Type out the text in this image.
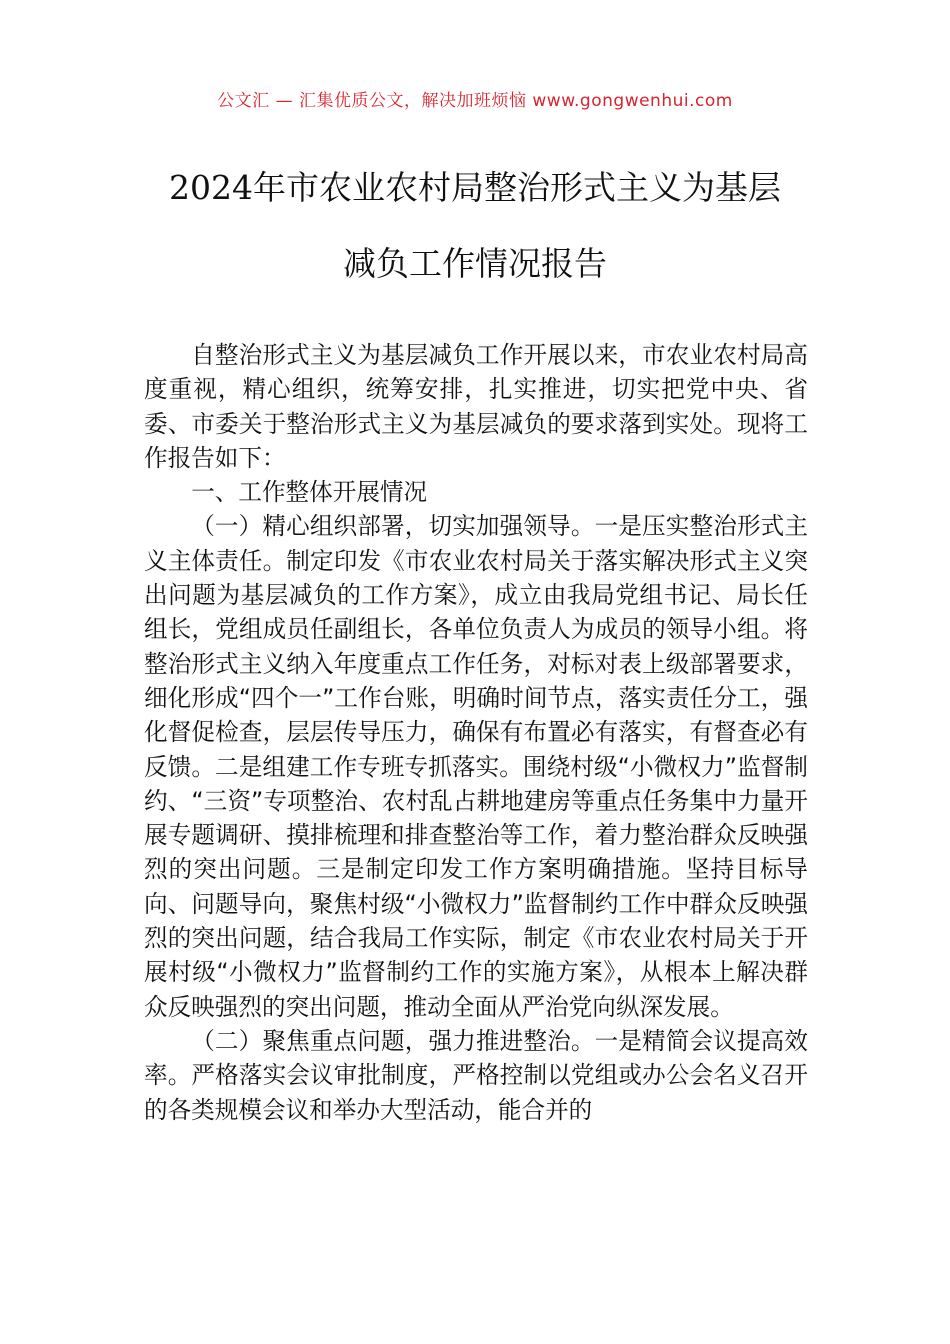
公文汇 — 汇集优质公文，解决加班烦恼 www.gongwenhui.com
2024年市农业农村局整治形式主义为基层
减负工作情况报告

自整治形式主义为基层减负工作开展以来，市农业农村局高度重视，精心组织，统筹安排，扎实推进，切实把党中央、省委、市委关于整治形式主义为基层减负的要求落到实处。现将工作报告如下：

一、工作整体开展情况

（一）精心组织部署，切实加强领导。一是压实整治形式主义主体责任。制定印发《市农业农村局关于落实解决形式主义突出问题为基层减负的工作方案》，成立由我局党组书记、局长任组长，党组成员任副组长，各单位负责人为成员的领导小组。将整治形式主义纳入年度重点工作任务，对标对表上级部署要求，细化形成“四个一”工作台账，明确时间节点，落实责任分工，强化督促检查，层层传导压力，确保有布置必有落实，有督查必有反馈。二是组建工作专班专抓落实。围绕村级“小微权力”监督制约、“三资”专项整治、农村乱占耕地建房等重点任务集中力量开展专题调研、摸排梳理和排查整治等工作，着力整治群众反映强烈的突出问题。三是制定印发工作方案明确措施。坚持目标导向、问题导向，聚焦村级“小微权力”监督制约工作中群众反映强烈的突出问题，结合我局工作实际，制定《市农业农村局关于开展村级“小微权力”监督制约工作的实施方案》，从根本上解决群众反映强烈的突出问题，推动全面从严治党向纵深发展。

（二）聚焦重点问题，强力推进整治。一是精简会议提高效率。严格落实会议审批制度，严格控制以党组或办公会名义召开的各类规模会议和举办大型活动，能合并的
